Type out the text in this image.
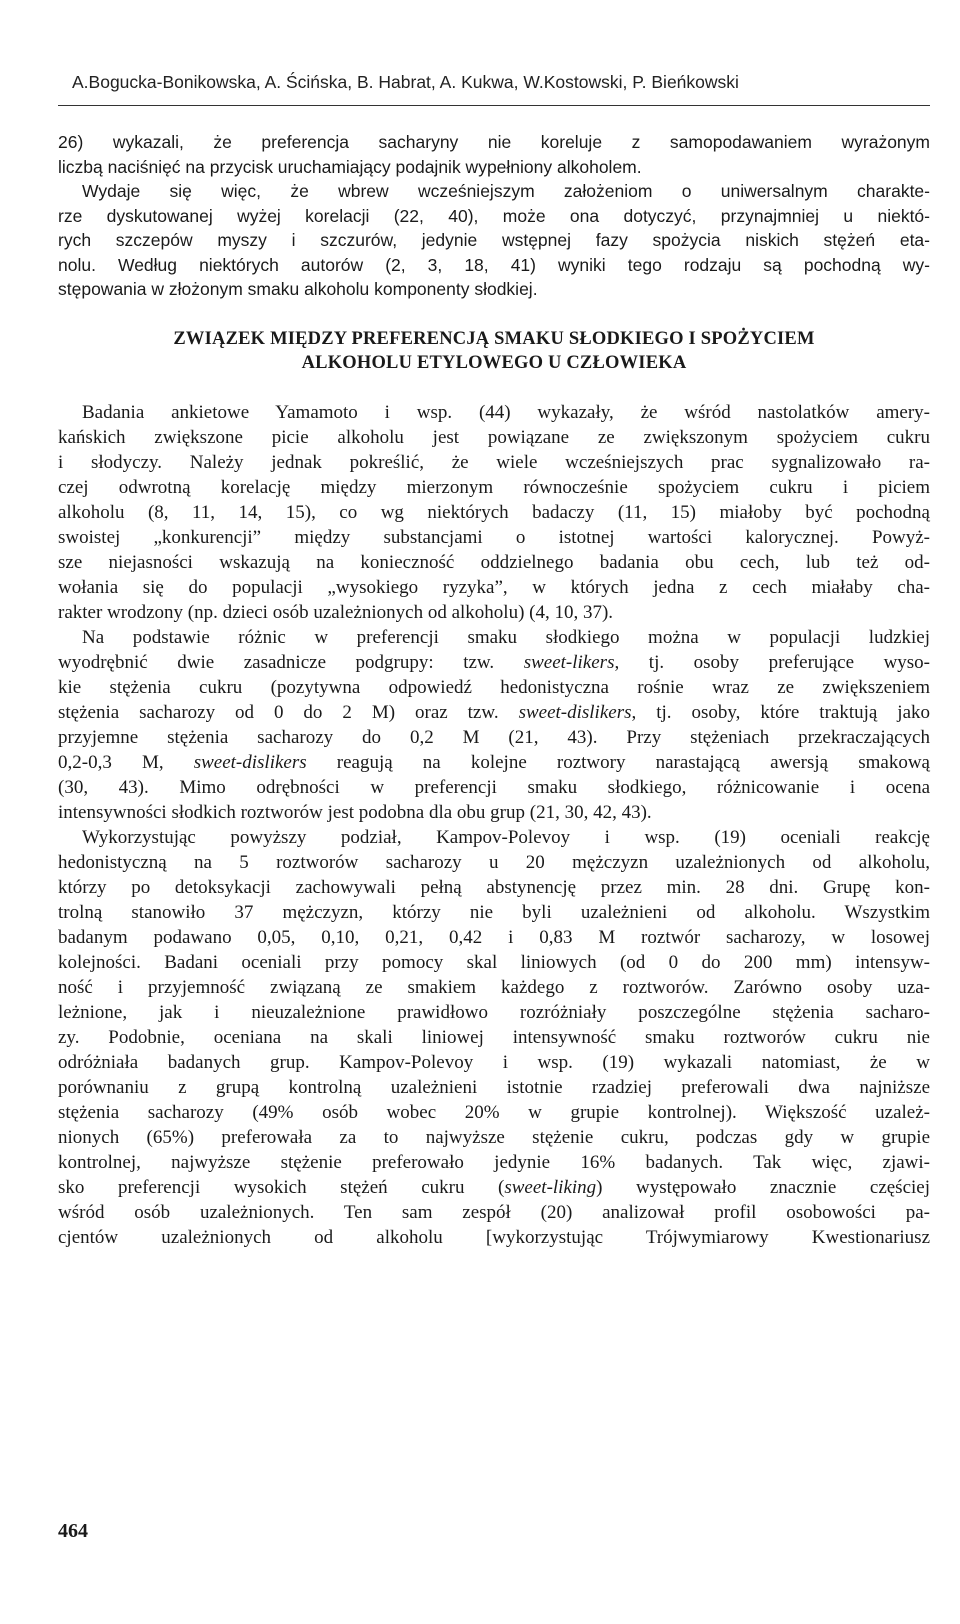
A.Bogucka-Bonikowska, A. Ścińska, B. Habrat, A. Kukwa, W.Kostowski, P. Bieńkowski
26) wykazali, że preferencja sacharyny nie koreluje z samopodawaniem wyrażonym
liczbą naciśnięć na przycisk uruchamiający podajnik wypełniony alkoholem.
Wydaje się więc, że wbrew wcześniejszym założeniom o uniwersalnym charakte-
rze dyskutowanej wyżej korelacji (22, 40), może ona dotyczyć, przynajmniej u niektó-
rych szczepów myszy i szczurów, jedynie wstępnej fazy spożycia niskich stężeń eta-
nolu. Według niektórych autorów (2, 3, 18, 41) wyniki tego rodzaju są pochodną wy-
stępowania w złożonym smaku alkoholu komponenty słodkiej.
ZWIĄZEK MIĘDZY PREFERENCJĄ SMAKU SŁODKIEGO I SPOŻYCIEM
ALKOHOLU ETYLOWEGO U CZŁOWIEKA
Badania ankietowe Yamamoto i wsp. (44) wykazały, że wśród nastolatków amery-
kańskich zwiększone picie alkoholu jest powiązane ze zwiększonym spożyciem cukru
i słodyczy. Należy jednak pokreślić, że wiele wcześniejszych prac sygnalizowało ra-
czej odwrotną korelację między mierzonym równocześnie spożyciem cukru i piciem
alkoholu (8, 11, 14, 15), co wg niektórych badaczy (11, 15) miałoby być pochodną
swoistej „konkurencji” między substancjami o istotnej wartości kalorycznej. Powyż-
sze niejasności wskazują na konieczność oddzielnego badania obu cech, lub też od-
wołania się do populacji „wysokiego ryzyka”, w których jedna z cech miałaby cha-
rakter wrodzony (np. dzieci osób uzależnionych od alkoholu) (4, 10, 37).
Na podstawie różnic w preferencji smaku słodkiego można w populacji ludzkiej
wyodrębnić dwie zasadnicze podgrupy: tzw. sweet-likers, tj. osoby preferujące wyso-
kie stężenia cukru (pozytywna odpowiedź hedonistyczna rośnie wraz ze zwiększeniem
stężenia sacharozy od 0 do 2 M) oraz tzw. sweet-dislikers, tj. osoby, które traktują jako
przyjemne stężenia sacharozy do 0,2 M (21, 43). Przy stężeniach przekraczających
0,2-0,3 M, sweet-dislikers reagują na kolejne roztwory narastającą awersją smakową
(30, 43). Mimo odrębności w preferencji smaku słodkiego, różnicowanie i ocena
intensywności słodkich roztworów jest podobna dla obu grup (21, 30, 42, 43).
Wykorzystując powyższy podział, Kampov-Polevoy i wsp. (19) oceniali reakcję
hedonistyczną na 5 roztworów sacharozy u 20 mężczyzn uzależnionych od alkoholu,
którzy po detoksykacji zachowywali pełną abstynencję przez min. 28 dni. Grupę kon-
trolną stanowiło 37 mężczyzn, którzy nie byli uzależnieni od alkoholu. Wszystkim
badanym podawano 0,05, 0,10, 0,21, 0,42 i 0,83 M roztwór sacharozy, w losowej
kolejności. Badani oceniali przy pomocy skal liniowych (od 0 do 200 mm) intensyw-
ność i przyjemność związaną ze smakiem każdego z roztworów. Zarówno osoby uza-
leżnione, jak i nieuzależnione prawidłowo rozróżniały poszczególne stężenia sacharo-
zy. Podobnie, oceniana na skali liniowej intensywność smaku roztworów cukru nie
odróżniała badanych grup. Kampov-Polevoy i wsp. (19) wykazali natomiast, że w
porównaniu z grupą kontrolną uzależnieni istotnie rzadziej preferowali dwa najniższe
stężenia sacharozy (49% osób wobec 20% w grupie kontrolnej). Większość uzależ-
nionych (65%) preferowała za to najwyższe stężenie cukru, podczas gdy w grupie
kontrolnej, najwyższe stężenie preferowało jedynie 16% badanych. Tak więc, zjawi-
sko preferencji wysokich stężeń cukru (sweet-liking) występowało znacznie częściej
wśród osób uzależnionych. Ten sam zespół (20) analizował profil osobowości pa-
cjentów uzależnionych od alkoholu [wykorzystując Trójwymiarowy Kwestionariusz
464
